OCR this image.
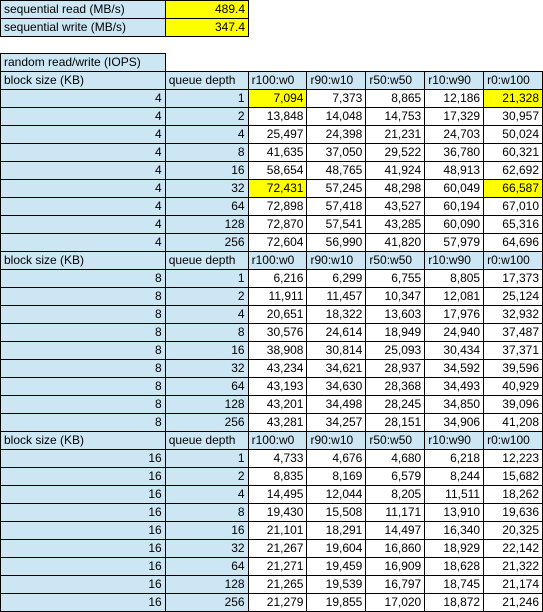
sequential read (MB/s)	489.4
sequential write (MB/s)	347.4
random read/write (IOPS)						
block size (KB)	queue depth	r100:w0	r90:w10	r50:w50	r10:w90	r0:w100
4	1	7,094	7,373	8,865	12,186	21,328
4	2	13,848	14,048	14,753	17,329	30,957
4	4	25,497	24,398	21,231	24,703	50,024
4	8	41,635	37,050	29,522	36,780	60,321
4	16	58,654	48,765	41,924	48,913	62,692
4	32	72,431	57,245	48,298	60,049	66,587
4	64	72,898	57,418	43,527	60,194	67,010
4	128	72,870	57,541	43,285	60,090	65,316
4	256	72,604	56,990	41,820	57,979	64,696
block size (KB)	queue depth	r100:w0	r90:w10	r50:w50	r10:w90	r0:w100
8	1	6,216	6,299	6,755	8,805	17,373
8	2	11,911	11,457	10,347	12,081	25,124
8	4	20,651	18,322	13,603	17,976	32,932
8	8	30,576	24,614	18,949	24,940	37,487
8	16	38,908	30,814	25,093	30,434	37,371
8	32	43,234	34,621	28,937	34,592	39,596
8	64	43,193	34,630	28,368	34,493	40,929
8	128	43,201	34,498	28,245	34,850	39,096
8	256	43,281	34,257	28,151	34,906	41,208
block size (KB)	queue depth	r100:w0	r90:w10	r50:w50	r10:w90	r0:w100
16	1	4,733	4,676	4,680	6,218	12,223
16	2	8,835	8,169	6,579	8,244	15,682
16	4	14,495	12,044	8,205	11,511	18,262
16	8	19,430	15,508	11,171	13,910	19,636
16	16	21,101	18,291	14,497	16,340	20,325
16	32	21,267	19,604	16,860	18,929	22,142
16	64	21,271	19,459	16,909	18,628	21,322
16	128	21,265	19,539	16,797	18,745	21,174
16	256	21,279	19,855	17,020	18,872	21,246
